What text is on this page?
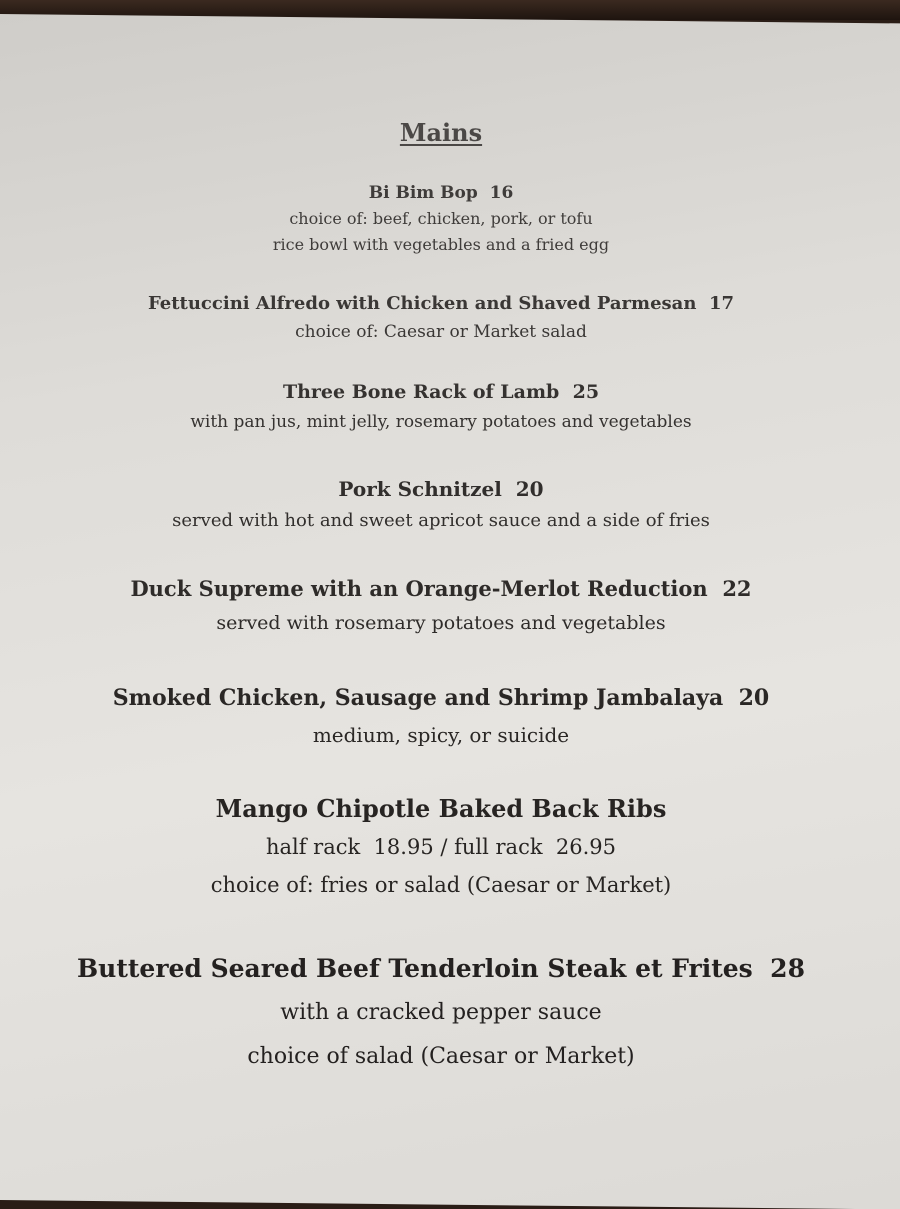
Mains
Bi Bim Bop 16
choice of: beef, chicken, pork, or tofu
rice bowl with vegetables and a fried egg
Fettuccini Alfredo with Chicken and Shaved Parmesan 17
choice of: Caesar or Market salad
Three Bone Rack of Lamb 25
with pan jus, mint jelly, rosemary potatoes and vegetables
Pork Schnitzel 20
served with hot and sweet apricot sauce and a side of fries
Duck Supreme with an Orange-Merlot Reduction 22
served with rosemary potatoes and vegetables
Smoked Chicken, Sausage and Shrimp Jambalaya 20
medium, spicy, or suicide
Mango Chipotle Baked Back Ribs
half rack  18.95 / full rack  26.95
choice of: fries or salad (Caesar or Market)
Buttered Seared Beef Tenderloin Steak et Frites 28
with a cracked pepper sauce
choice of salad (Caesar or Market)
